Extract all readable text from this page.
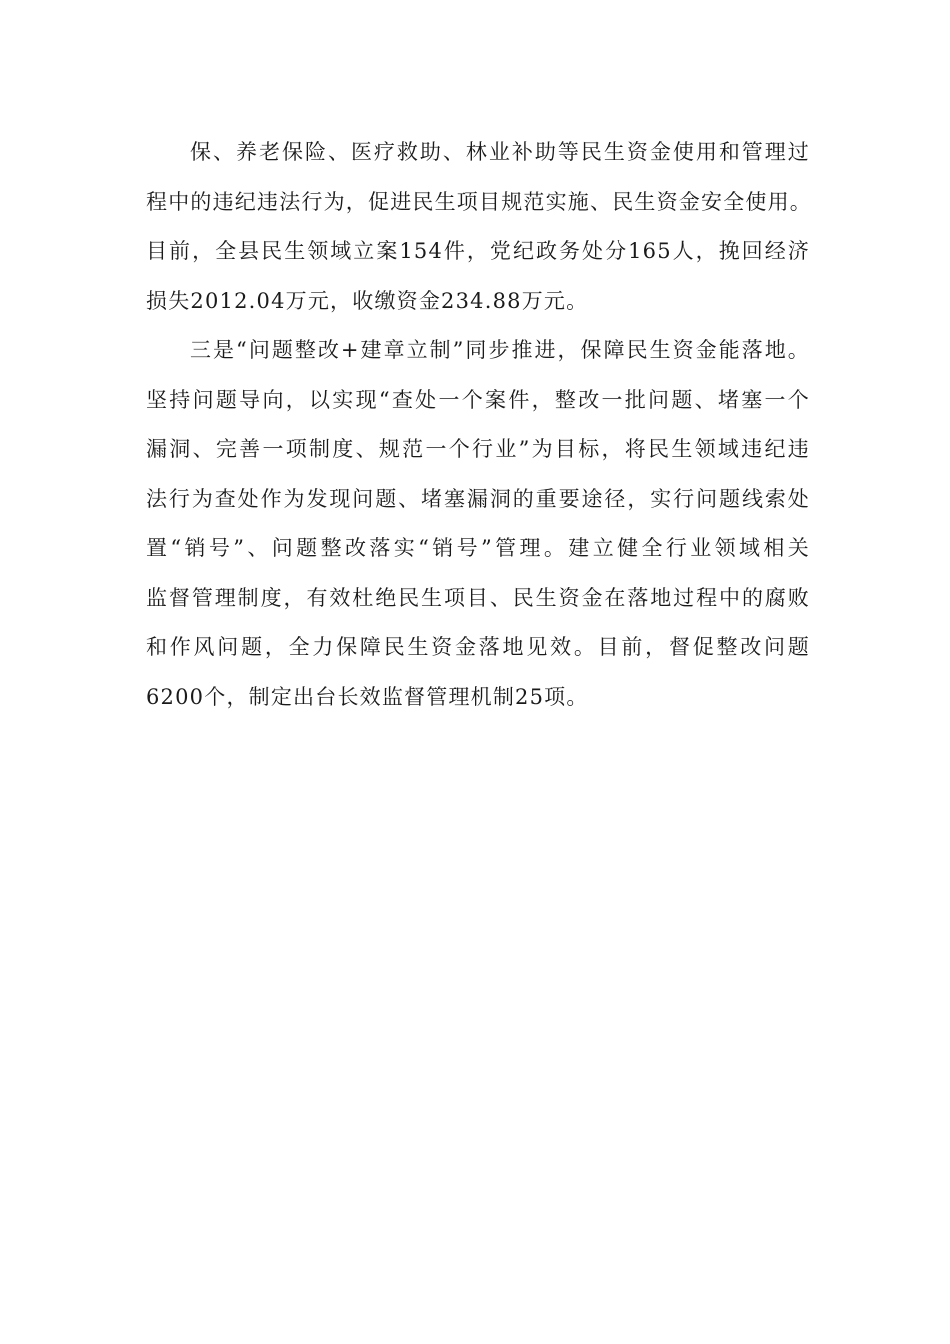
保、养老保险、医疗救助、林业补助等民生资金使用和管理过
程中的违纪违法行为，促进民生项目规范实施、民生资金安全使用。
目前，全县民生领域立案154件，党纪政务处分165人，挽回经济
损失2012.04万元，收缴资金234.88万元。
三是“问题整改+建章立制”同步推进，保障民生资金能落地。
坚持问题导向，以实现“查处一个案件，整改一批问题、堵塞一个
漏洞、完善一项制度、规范一个行业”为目标，将民生领域违纪违
法行为查处作为发现问题、堵塞漏洞的重要途径，实行问题线索处
置“销号”、问题整改落实“销号”管理。建立健全行业领域相关
监督管理制度，有效杜绝民生项目、民生资金在落地过程中的腐败
和作风问题，全力保障民生资金落地见效。目前，督促整改问题
6200个，制定出台长效监督管理机制25项。
